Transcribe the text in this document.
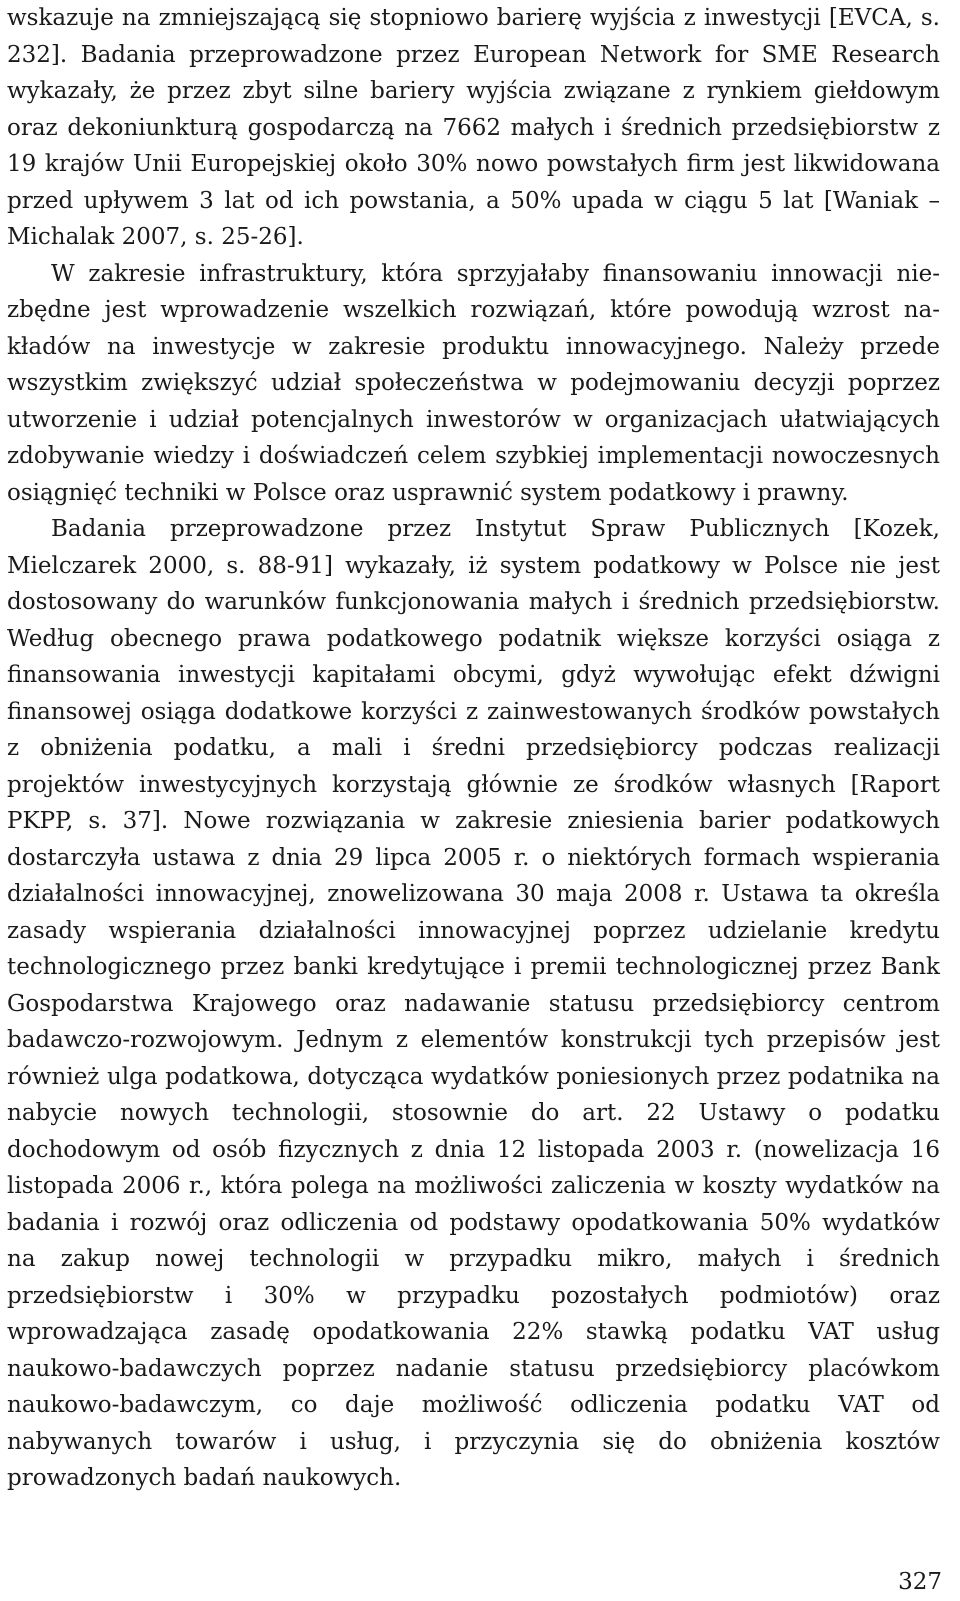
wskazuje na zmniejszającą się stopniowo barierę wyjścia z inwestycji [EVCA, s. 232]. Badania przeprowadzone przez European Network for SME Research wykazały, że przez zbyt silne bariery wyjścia związane z rynkiem giełdowym oraz dekoniunkturą gospodarczą na 7662 małych i średnich przedsiębiorstw z 19 krajów Unii Europejskiej około 30% nowo powstałych firm jest likwidowana przed upływem 3 lat od ich powstania, a 50% upada w ciągu 5 lat [Waniak – Michalak 2007, s. 25-26].

W zakresie infrastruktury, która sprzyjałaby finansowaniu innowacji niezbędne jest wprowadzenie wszelkich rozwiązań, które powodują wzrost nakładów na inwestycje w zakresie produktu innowacyjnego. Należy przede wszystkim zwiększyć udział społeczeństwa w podejmowaniu decyzji poprzez utworzenie i udział potencjalnych inwestorów w organizacjach ułatwiających zdobywanie wiedzy i doświadczeń celem szybkiej implementacji nowoczesnych osiągnięć techniki w Polsce oraz usprawnić system podatkowy i prawny.

Badania przeprowadzone przez Instytut Spraw Publicznych [Kozek, Mielczarek 2000, s. 88-91] wykazały, iż system podatkowy w Polsce nie jest dostosowany do warunków funkcjonowania małych i średnich przedsiębiorstw. Według obecnego prawa podatkowego podatnik większe korzyści osiąga z finansowania inwestycji kapitałami obcymi, gdyż wywołując efekt dźwigni finansowej osiąga dodatkowe korzyści z zainwestowanych środków powstałych z obniżenia podatku, a mali i średni przedsiębiorcy podczas realizacji projektów inwestycyjnych korzystają głównie ze środków własnych [Raport PKPP, s. 37]. Nowe rozwiązania w zakresie zniesienia barier podatkowych dostarczyła ustawa z dnia 29 lipca 2005 r. o niektórych formach wspierania działalności innowacyjnej, znowelizowana 30 maja 2008 r. Ustawa ta określa zasady wspierania działalności innowacyjnej poprzez udzielanie kredytu technologicznego przez banki kredytujące i premii technologicznej przez Bank Gospodarstwa Krajowego oraz nadawanie statusu przedsiębiorcy centrom badawczo-rozwojowym. Jednym z elementów konstrukcji tych przepisów jest również ulga podatkowa, dotycząca wydatków poniesionych przez podatnika na nabycie nowych technologii, stosownie do art. 22 Ustawy o podatku dochodowym od osób fizycznych z dnia 12 listopada 2003 r. (nowelizacja 16 listopada 2006 r., która polega na możliwości zaliczenia w koszty wydatków na badania i rozwój oraz odliczenia od podstawy opodatkowania 50% wydatków na zakup nowej technologii w przypadku mikro, małych i średnich przedsiębiorstw i 30% w przypadku pozostałych podmiotów) oraz wprowadzająca zasadę opodatkowania 22% stawką podatku VAT usług naukowo-badawczych poprzez nadanie statusu przedsiębiorcy placówkom naukowo-badawczym, co daje możliwość odliczenia podatku VAT od nabywanych towarów i usług, i przyczynia się do obniżenia kosztów prowadzonych badań naukowych.

327
